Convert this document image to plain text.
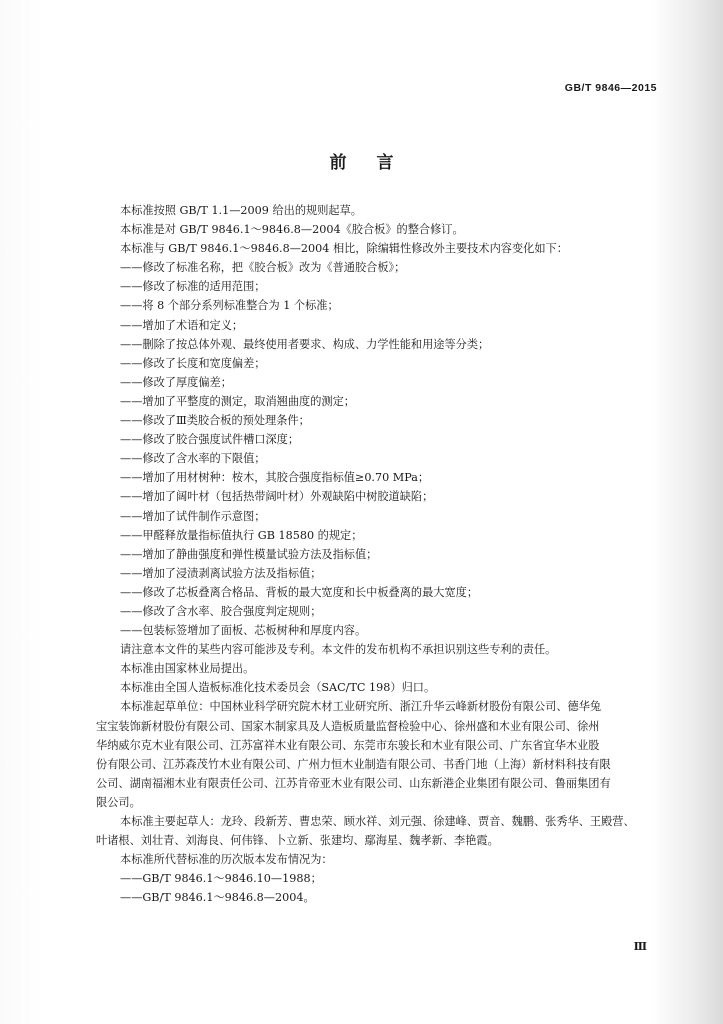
GB/T 9846—2015
前言
本标准按照 GB/T 1.1—2009 给出的规则起草。
本标准是对 GB/T 9846.1～9846.8—2004《胶合板》的整合修订。
本标准与 GB/T 9846.1～9846.8—2004 相比，除编辑性修改外主要技术内容变化如下：
——修改了标准名称，把《胶合板》改为《普通胶合板》；
——修改了标准的适用范围；
——将 8 个部分系列标准整合为 1 个标准；
——增加了术语和定义；
——删除了按总体外观、最终使用者要求、构成、力学性能和用途等分类；
——修改了长度和宽度偏差；
——修改了厚度偏差；
——增加了平整度的测定，取消翘曲度的测定；
——修改了Ⅲ类胶合板的预处理条件；
——修改了胶合强度试件槽口深度；
——修改了含水率的下限值；
——增加了用材树种：桉木，其胶合强度指标值≥0.70 MPa；
——增加了阔叶材（包括热带阔叶材）外观缺陷中树胶道缺陷；
——增加了试件制作示意图；
——甲醛释放量指标值执行 GB 18580 的规定；
——增加了静曲强度和弹性模量试验方法及指标值；
——增加了浸渍剥离试验方法及指标值；
——修改了芯板叠离合格品、背板的最大宽度和长中板叠离的最大宽度；
——修改了含水率、胶合强度判定规则；
——包装标签增加了面板、芯板树种和厚度内容。
请注意本文件的某些内容可能涉及专利。本文件的发布机构不承担识别这些专利的责任。
本标准由国家林业局提出。
本标准由全国人造板标准化技术委员会（SAC/TC 198）归口。
本标准起草单位：中国林业科学研究院木材工业研究所、浙江升华云峰新材股份有限公司、德华兔
宝宝装饰新材股份有限公司、国家木制家具及人造板质量监督检验中心、徐州盛和木业有限公司、徐州
华纳威尔克木业有限公司、江苏富祥木业有限公司、东莞市东骏长和木业有限公司、广东省宜华木业股
份有限公司、江苏森茂竹木业有限公司、广州力恒木业制造有限公司、书香门地（上海）新材料科技有限
公司、湖南福湘木业有限责任公司、江苏肯帝亚木业有限公司、山东新港企业集团有限公司、鲁丽集团有
限公司。
本标准主要起草人：龙玲、段新芳、曹忠荣、顾水祥、刘元强、徐建峰、贾音、魏鹏、张秀华、王殿营、
叶诸根、刘壮青、刘海良、何伟锋、卜立新、张建均、鄢海星、魏孝新、李艳霞。
本标准所代替标准的历次版本发布情况为：
——GB/T 9846.1～9846.10—1988；
——GB/T 9846.1～9846.8—2004。
Ⅲ
